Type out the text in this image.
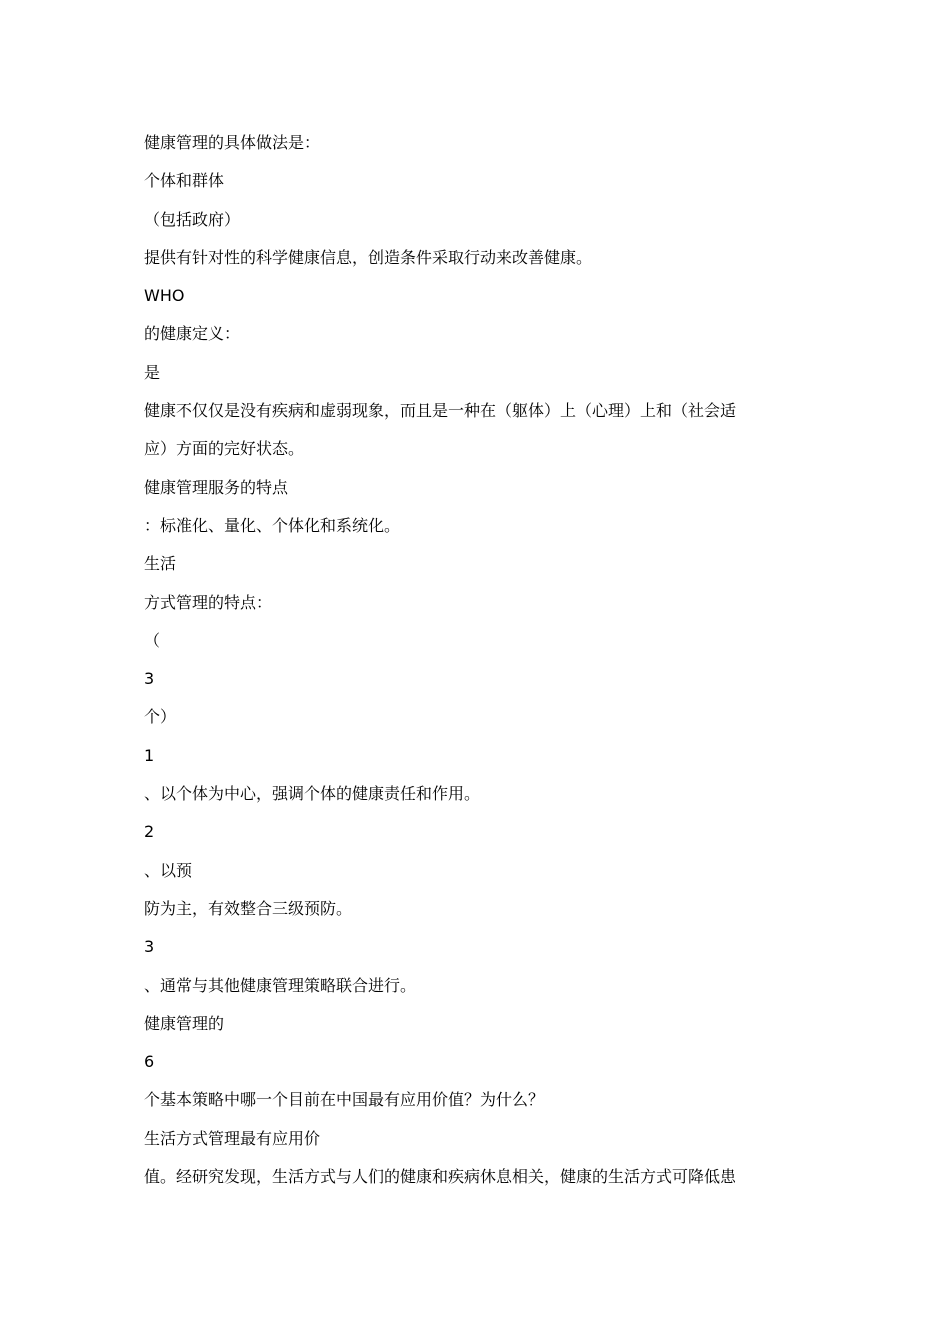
健康管理的具体做法是：
个体和群体
（包括政府）
提供有针对性的科学健康信息，创造条件采取行动来改善健康。
WHO
的健康定义：
是
健康不仅仅是没有疾病和虚弱现象，而且是一种在（躯体）上（心理）上和（社会适
应）方面的完好状态。
健康管理服务的特点
：标准化、量化、个体化和系统化。
生活
方式管理的特点：
（
3
个）
1
、以个体为中心，强调个体的健康责任和作用。
2
、以预
防为主，有效整合三级预防。
3
、通常与其他健康管理策略联合进行。
健康管理的
6
个基本策略中哪一个目前在中国最有应用价值？为什么？
生活方式管理最有应用价
值。经研究发现，生活方式与人们的健康和疾病休息相关，健康的生活方式可降低患
